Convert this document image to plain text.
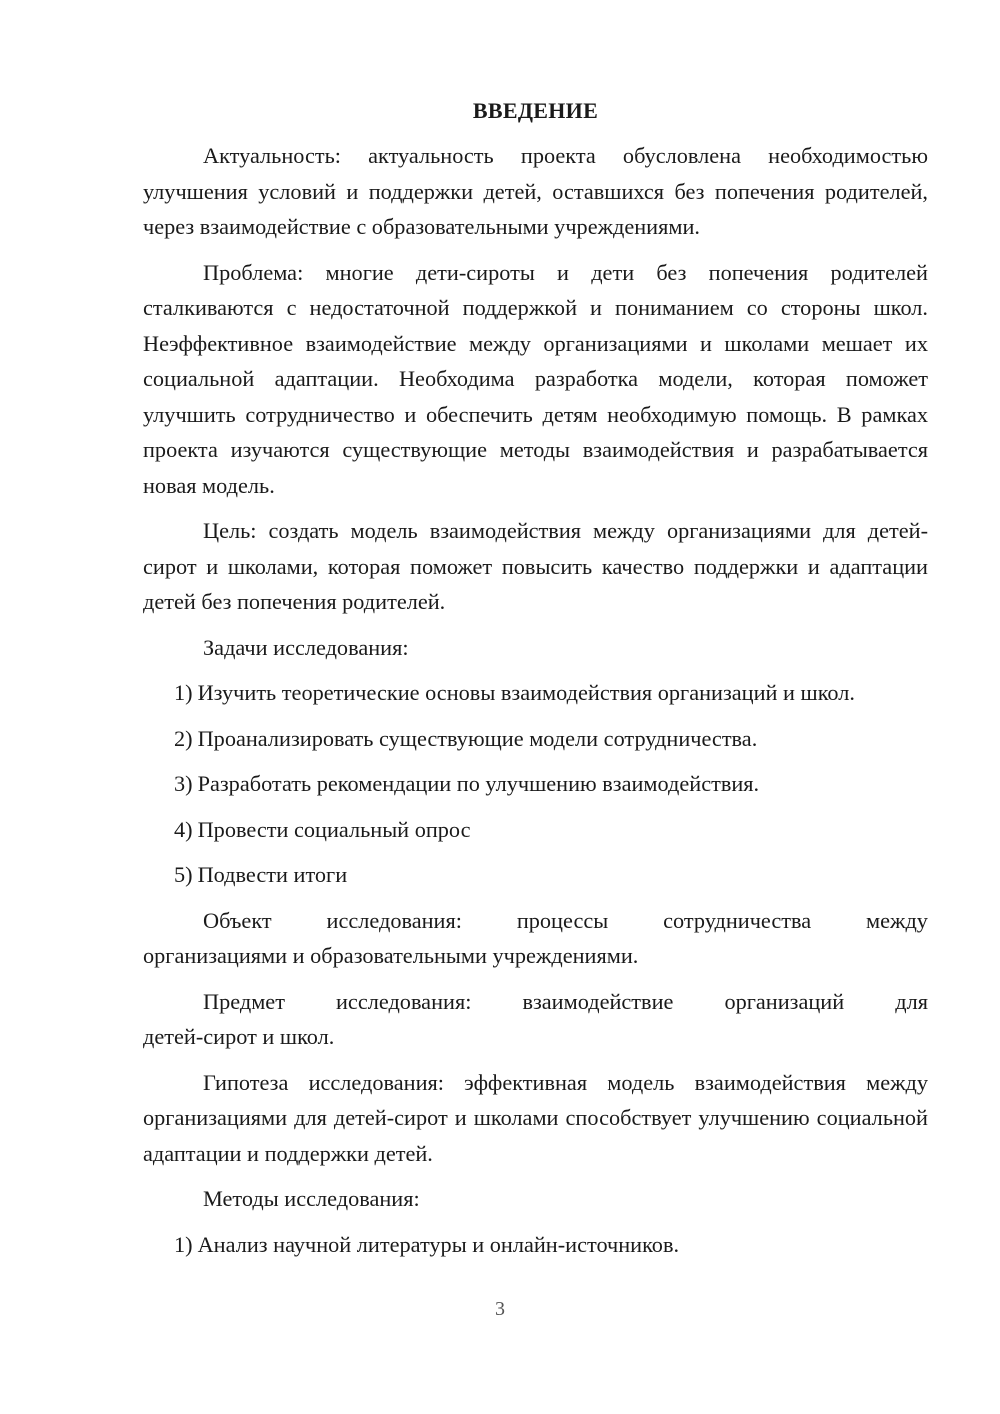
ВВЕДЕНИЕ

Актуальность: актуальность проекта обусловлена необходимостью улучшения условий и поддержки детей, оставшихся без попечения родителей, через взаимодействие с образовательными учреждениями.

Проблема: многие дети-сироты и дети без попечения родителей сталкиваются с недостаточной поддержкой и пониманием со стороны школ. Неэффективное взаимодействие между организациями и школами мешает их социальной адаптации. Необходима разработка модели, которая поможет улучшить сотрудничество и обеспечить детям необходимую помощь. В рамках проекта изучаются существующие методы взаимодействия и разрабатывается новая модель.

Цель: создать модель взаимодействия между организациями для детей-сирот и школами, которая поможет повысить качество поддержки и адаптации детей без попечения родителей.

Задачи исследования:

1) Изучить теоретические основы взаимодействия организаций и школ.

2) Проанализировать существующие модели сотрудничества.

3) Разработать рекомендации по улучшению взаимодействия.

4) Провести социальный опрос

5) Подвести итоги

Объект исследования: процессы сотрудничества между
организациями и образовательными учреждениями.
Предмет исследования: взаимодействие организаций для
детей-сирот и школ.

Гипотеза исследования: эффективная модель взаимодействия между организациями для детей-сирот и школами способствует улучшению социальной адаптации и поддержки детей.

Методы исследования:

1) Анализ научной литературы и онлайн-источников.

3
